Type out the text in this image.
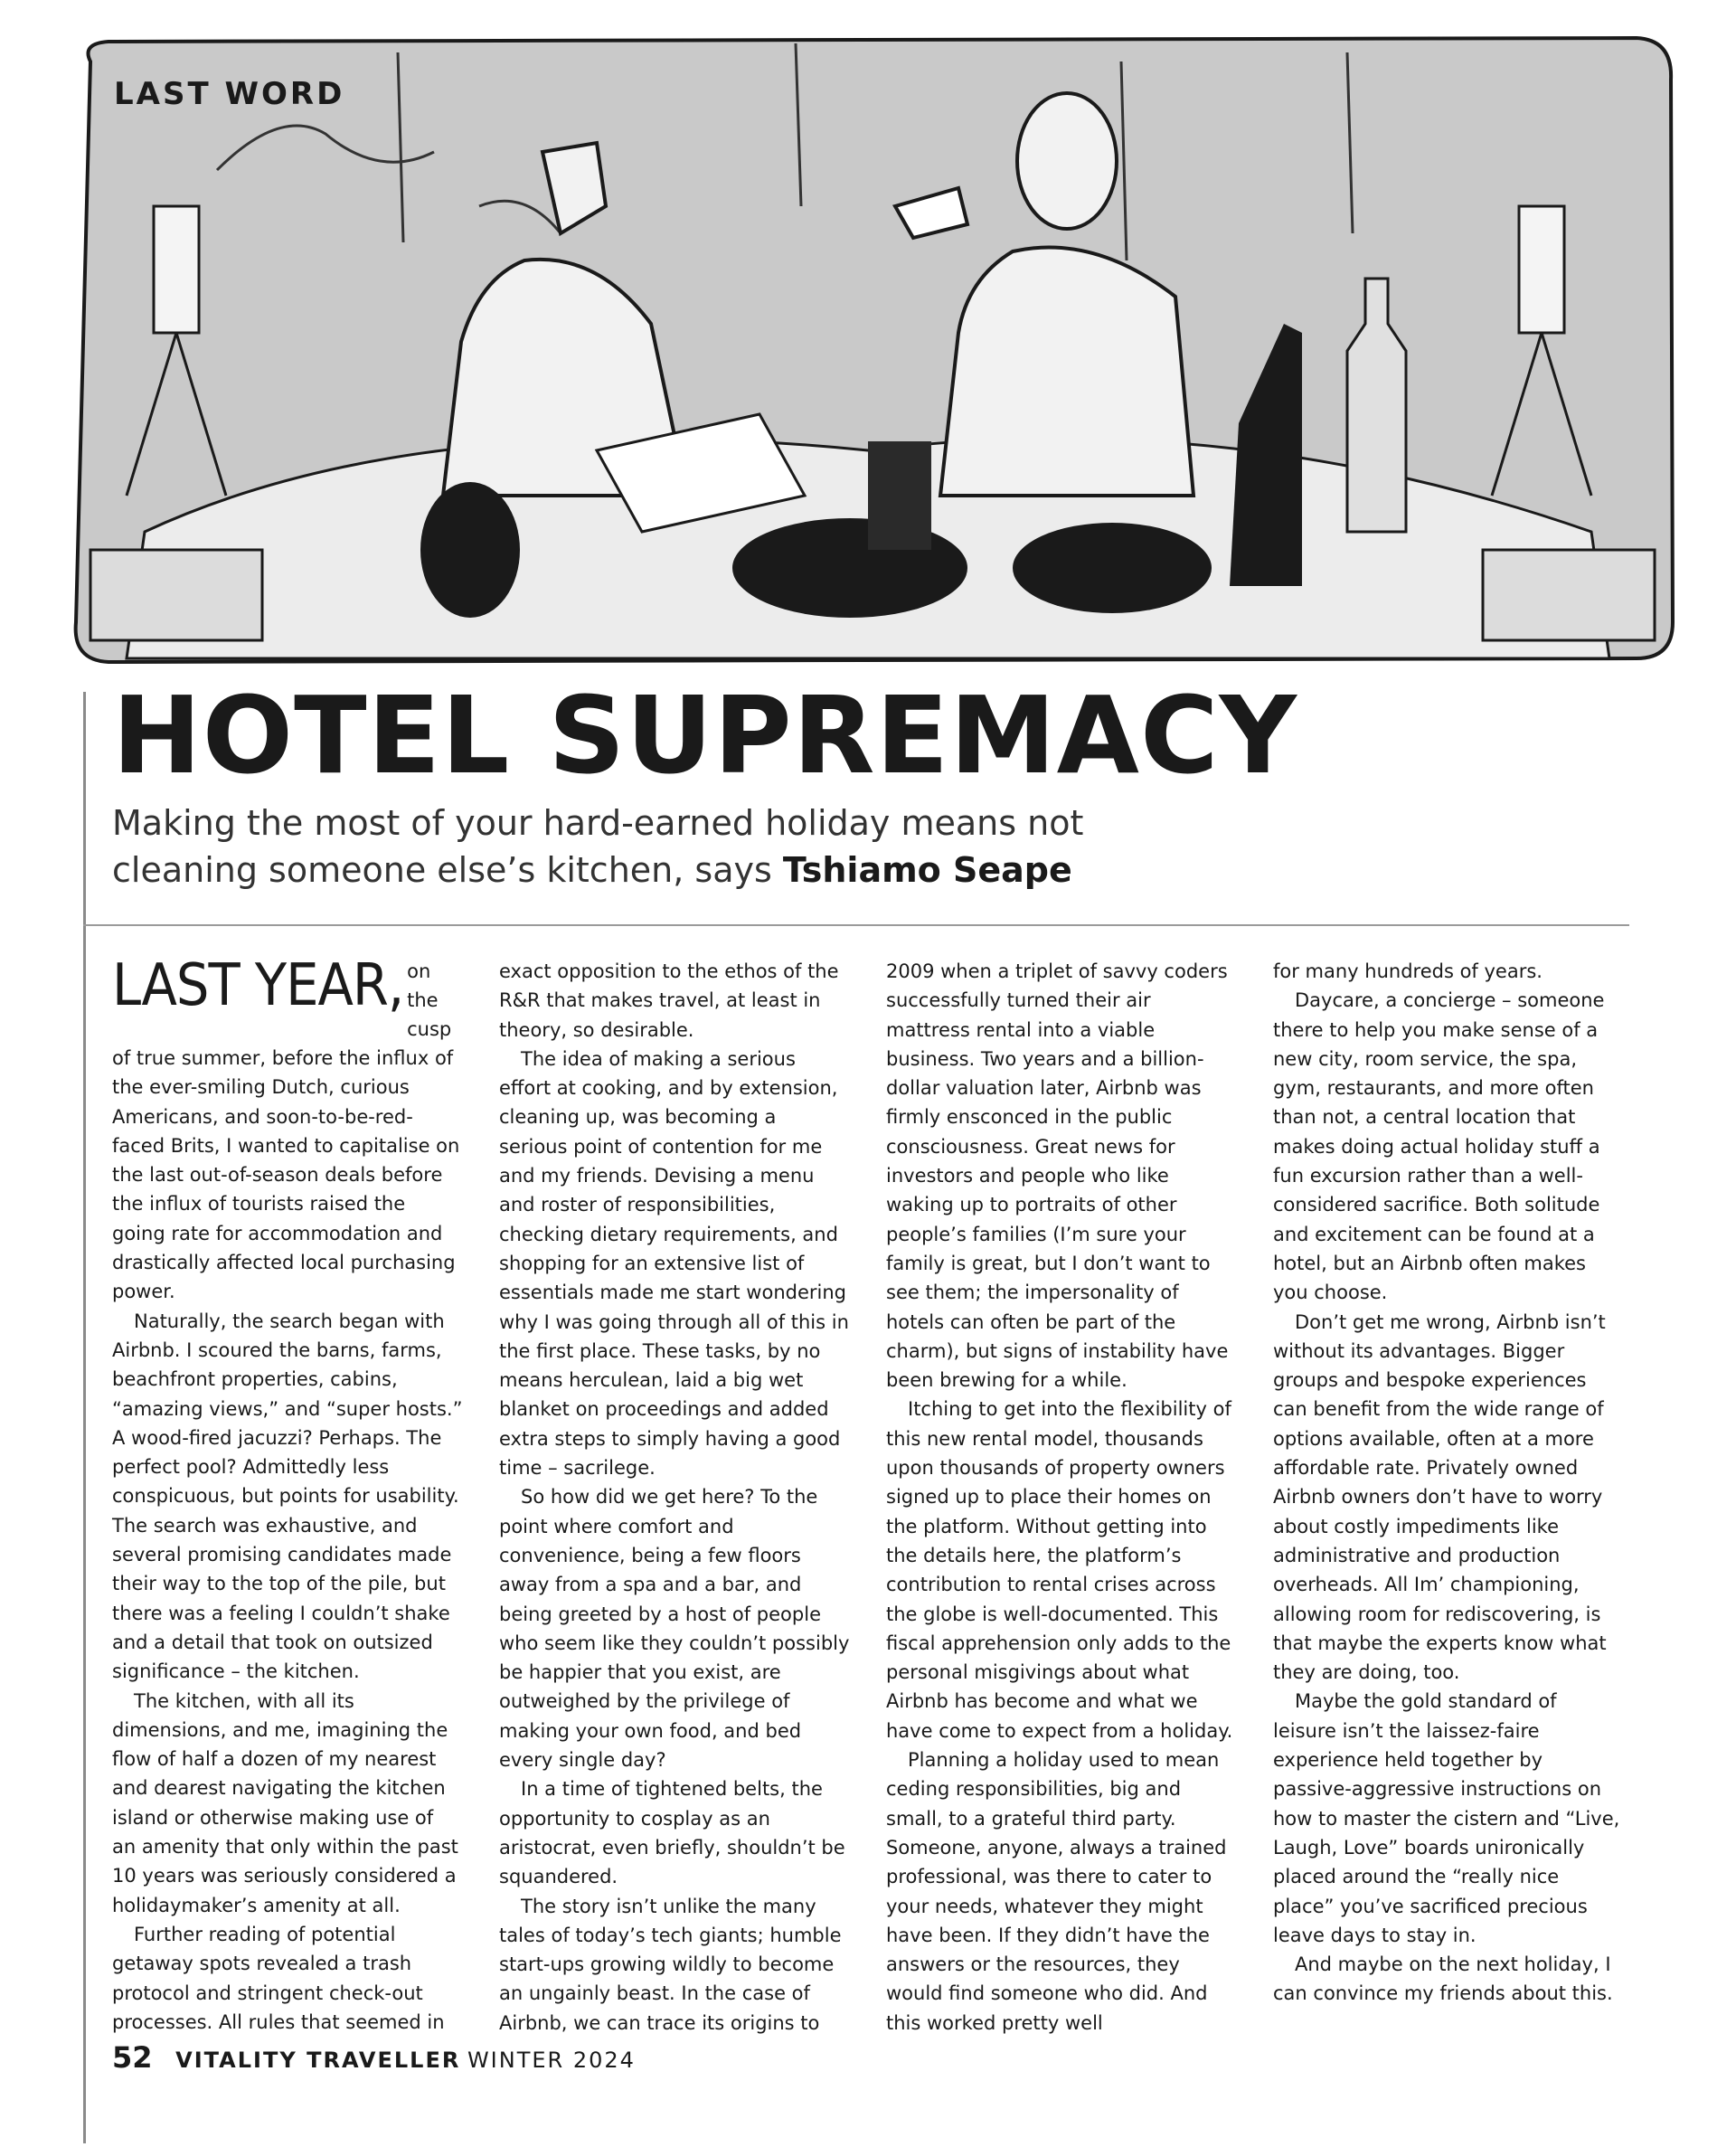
LAST WORD
HOTEL SUPREMACY
Making the most of your hard-earned holiday means not cleaning someone else’s kitchen, says Tshiamo Seape
LAST YEAR, on the cusp

of true summer, before the influx of the ever-smiling Dutch, curious Americans, and soon-to-be-red-faced Brits, I wanted to capitalise on the last out-of-season deals before the influx of tourists raised the going rate for accommodation and drastically affected local purchasing power.

Naturally, the search began with Airbnb. I scoured the barns, farms, beachfront properties, cabins, “amazing views,” and “super hosts.” A wood-fired jacuzzi? Perhaps. The perfect pool? Admittedly less conspicuous, but points for usability. The search was exhaustive, and several promising candidates made their way to the top of the pile, but there was a feeling I couldn’t shake and a detail that took on outsized significance – the kitchen.

The kitchen, with all its dimensions, and me, imagining the flow of half a dozen of my nearest and dearest navigating the kitchen island or otherwise making use of an amenity that only within the past 10 years was seriously considered a holidaymaker’s amenity at all.

Further reading of potential getaway spots revealed a trash protocol and stringent check-out processes. All rules that seemed in

exact opposition to the ethos of the R&R that makes travel, at least in theory, so desirable.

The idea of making a serious effort at cooking, and by extension, cleaning up, was becoming a serious point of contention for me and my friends. Devising a menu and roster of responsibilities, checking dietary requirements, and shopping for an extensive list of essentials made me start wondering why I was going through all of this in the first place. These tasks, by no means herculean, laid a big wet blanket on proceedings and added extra steps to simply having a good time – sacrilege.

So how did we get here? To the point where comfort and convenience, being a few floors away from a spa and a bar, and being greeted by a host of people who seem like they couldn’t possibly be happier that you exist, are outweighed by the privilege of making your own food, and bed every single day?

In a time of tightened belts, the opportunity to cosplay as an aristocrat, even briefly, shouldn’t be squandered.

The story isn’t unlike the many tales of today’s tech giants; humble start-ups growing wildly to become an ungainly beast. In the case of Airbnb, we can trace its origins to

2009 when a triplet of savvy coders successfully turned their air mattress rental into a viable business. Two years and a billion-dollar valuation later, Airbnb was firmly ensconced in the public consciousness. Great news for investors and people who like waking up to portraits of other people’s families (I’m sure your family is great, but I don’t want to see them; the impersonality of hotels can often be part of the charm), but signs of instability have been brewing for a while.

Itching to get into the flexibility of this new rental model, thousands upon thousands of property owners signed up to place their homes on the platform. Without getting into the details here, the platform’s contribution to rental crises across the globe is well-documented. This fiscal apprehension only adds to the personal misgivings about what Airbnb has become and what we have come to expect from a holiday.

Planning a holiday used to mean ceding responsibilities, big and small, to a grateful third party. Someone, anyone, always a trained professional, was there to cater to your needs, whatever they might have been. If they didn’t have the answers or the resources, they would find someone who did. And this worked pretty well

for many hundreds of years.

Daycare, a concierge – someone there to help you make sense of a new city, room service, the spa, gym, restaurants, and more often than not, a central location that makes doing actual holiday stuff a fun excursion rather than a well-considered sacrifice. Both solitude and excitement can be found at a hotel, but an Airbnb often makes you choose.

Don’t get me wrong, Airbnb isn’t without its advantages. Bigger groups and bespoke experiences can benefit from the wide range of options available, often at a more affordable rate. Privately owned Airbnb owners don’t have to worry about costly impediments like administrative and production overheads. All Im’ championing, allowing room for rediscovering, is that maybe the experts know what they are doing, too.

Maybe the gold standard of leisure isn’t the laissez-faire experience held together by passive-aggressive instructions on how to master the cistern and “Live, Laugh, Love” boards unironically placed around the “really nice place” you’ve sacrificed precious leave days to stay in.

And maybe on the next holiday, I can convince my friends about this.

52 VITALITY TRAVELLER WINTER 2024
